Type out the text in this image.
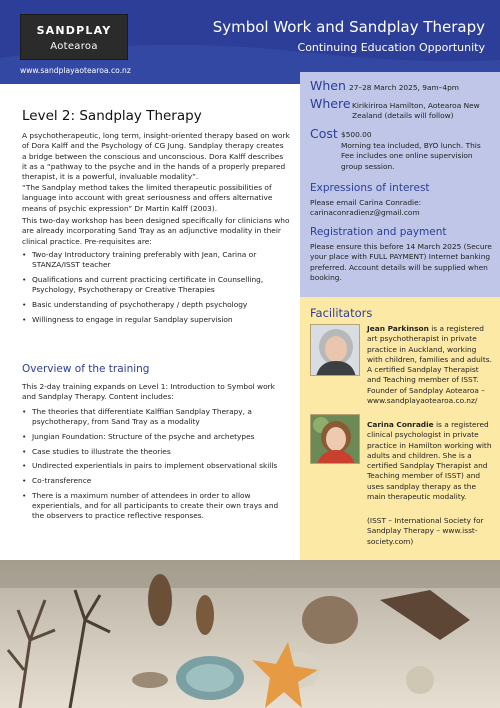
SANDPLAY
Aotearoa
www.sandplayaotearoa.co.nz
Symbol Work and Sandplay Therapy
Continuing Education Opportunity
Level 2: Sandplay Therapy
A psychotherapeutic, long term, insight-oriented therapy based on work of Dora Kalff and the Psychology of CG Jung. Sandplay therapy creates a bridge between the conscious and unconscious. Dora Kalff describes it as a “pathway to the psyche and in the hands of a properly prepared therapist, it is a powerful, invaluable modality”.
“The Sandplay method takes the limited therapeutic possibilities of language into account with great seriousness and offers alternative means of psychic expression” Dr Martin Kalff (2003).
This two-day workshop has been designed specifically for clinicians who are already incorporating Sand Tray as an adjunctive modality in their clinical practice. Pre-requisites are:
• Two-day Introductory training preferably with Jean, Carina or STANZA/ISST teacher
• Qualifications and current practicing certificate in Counselling, Psychology, Psychotherapy or Creative Therapies
• Basic understanding of psychotherapy / depth psychology
• Willingness to engage in regular Sandplay supervision
Overview of the training
This 2-day training expands on Level 1: Introduction to Symbol work and Sandplay Therapy. Content includes:
• The theories that differentiate Kalffian Sandplay Therapy, a psychotherapy, from Sand Tray as a modality
• Jungian Foundation: Structure of the psyche and archetypes
• Case studies to illustrate the theories
• Undirected experientials in pairs to implement observational skills
• Co-transference
• There is a maximum number of attendees in order to allow experientials, and for all participants to create their own trays and the observers to practice reflective responses.
When 27–28 March 2025, 9am–4pm
Where Kirikiriroa Hamilton, Aotearoa New Zealand (details will follow)
Cost $500.00
Morning tea included, BYO lunch. This Fee includes one online supervision group session.
Expressions of interest
Please email Carina Conradie: carinaconradienz@gmail.com
Registration and payment
Please ensure this before 14 March 2025 (Secure your place with FULL PAYMENT) Internet banking preferred. Account details will be supplied when booking.
Facilitators
Jean Parkinson is a registered art psychotherapist in private practice in Auckland, working with children, families and adults. A certified Sandplay Therapist and Teaching member of ISST. Founder of Sandplay Aotearoa – www.sandplayaotearoa.co.nz/
Carina Conradie is a registered clinical psychologist in private practice in Hamilton working with adults and children. She is a certified Sandplay Therapist and Teaching member of ISST) and uses sandplay therapy as the main therapeutic modality.
(ISST – International Society for Sandplay Therapy – www.isst-society.com)
